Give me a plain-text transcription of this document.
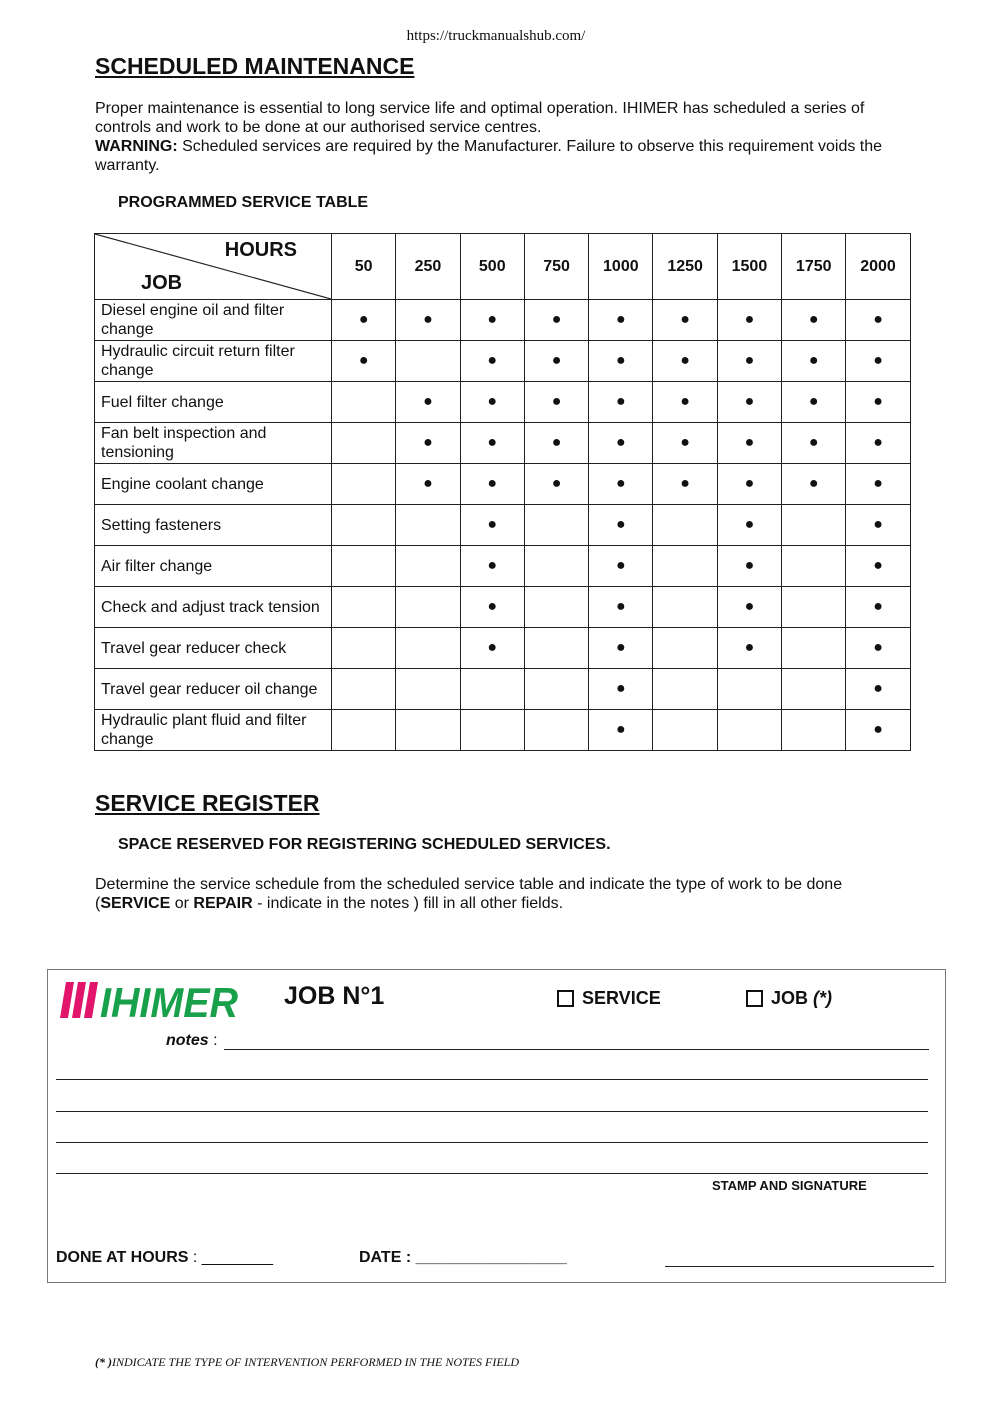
https://truckmanualshub.com/
SCHEDULED MAINTENANCE
Proper maintenance is essential to long service life and optimal operation. IHIMER has scheduled a series of controls and work to be done at our authorised service centres.
WARNING: Scheduled services are required by the Manufacturer. Failure to observe this requirement voids the warranty.
PROGRAMMED SERVICE TABLE
HOURS
JOB	50	250	500	750	1000	1250	1500	1750	2000
Diesel engine oil and filter change	●	●	●	●	●	●	●	●	●
Hydraulic circuit return filter change	●		●	●	●	●	●	●	●
Fuel filter change		●	●	●	●	●	●	●	●
Fan belt inspection and tensioning		●	●	●	●	●	●	●	●
Engine coolant change		●	●	●	●	●	●	●	●
Setting fasteners			●		●		●		●
Air filter change			●		●		●		●
Check and adjust track tension			●		●		●		●
Travel gear reducer check			●		●		●		●
Travel gear reducer oil change					●				●
Hydraulic plant fluid and filter change					●				●
SERVICE REGISTER
SPACE RESERVED FOR REGISTERING SCHEDULED SERVICES.
Determine the service schedule from the scheduled service table and indicate the type of work to be done (SERVICE or REPAIR - indicate in the notes ) fill in all other fields.
IHIMER JOB N°1	SERVICE	JOB (*)
notes :
STAMP AND SIGNATURE
DONE AT HOURS : ________	DATE : _________________
(* )INDICATE THE TYPE OF INTERVENTION PERFORMED IN THE NOTES FIELD
